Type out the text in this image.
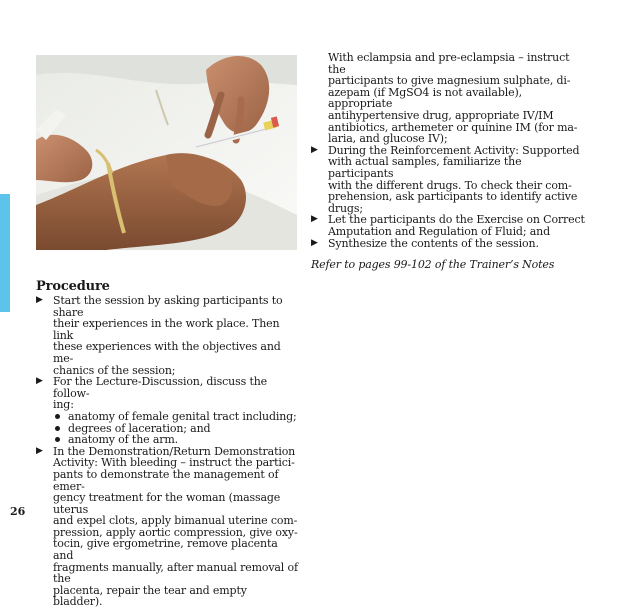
With eclampsia and pre-eclampsia – instruct the
participants to give magnesium sulphate, di-
azepam (if MgSO4 is not available), appropriate
antihypertensive drug, appropriate IV/IM
antibiotics, arthemeter or quinine IM (for ma-
laria, and glucose IV);
▶ During the Reinforcement Activity: Supported
with actual samples, familiarize the participants
with the different drugs. To check their com-
prehension, ask participants to identify active
drugs;
▶ Let the participants do the Exercise on Correct
Amputation and Regulation of Fluid; and
▶ Synthesize the contents of the session.
Refer to pages 99-102 of the Trainer’s Notes
Procedure
▶ Start the session by asking participants to share
their experiences in the work place. Then link
these experiences with the objectives and me-
chanics of the session;
▶ For the Lecture-Discussion, discuss the follow-
ing:
anatomy of female genital tract including;
degrees of laceration; and
anatomy of the arm.
▶ In the Demonstration/Return Demonstration
Activity: With bleeding – instruct the partici-
pants to demonstrate the management of emer-
gency treatment for the woman (massage uterus
and expel clots, apply bimanual uterine com-
pression, apply aortic compression, give oxy-
tocin, give ergometrine, remove placenta and
fragments manually, after manual removal of the
placenta, repair the tear and empty bladder).
26
